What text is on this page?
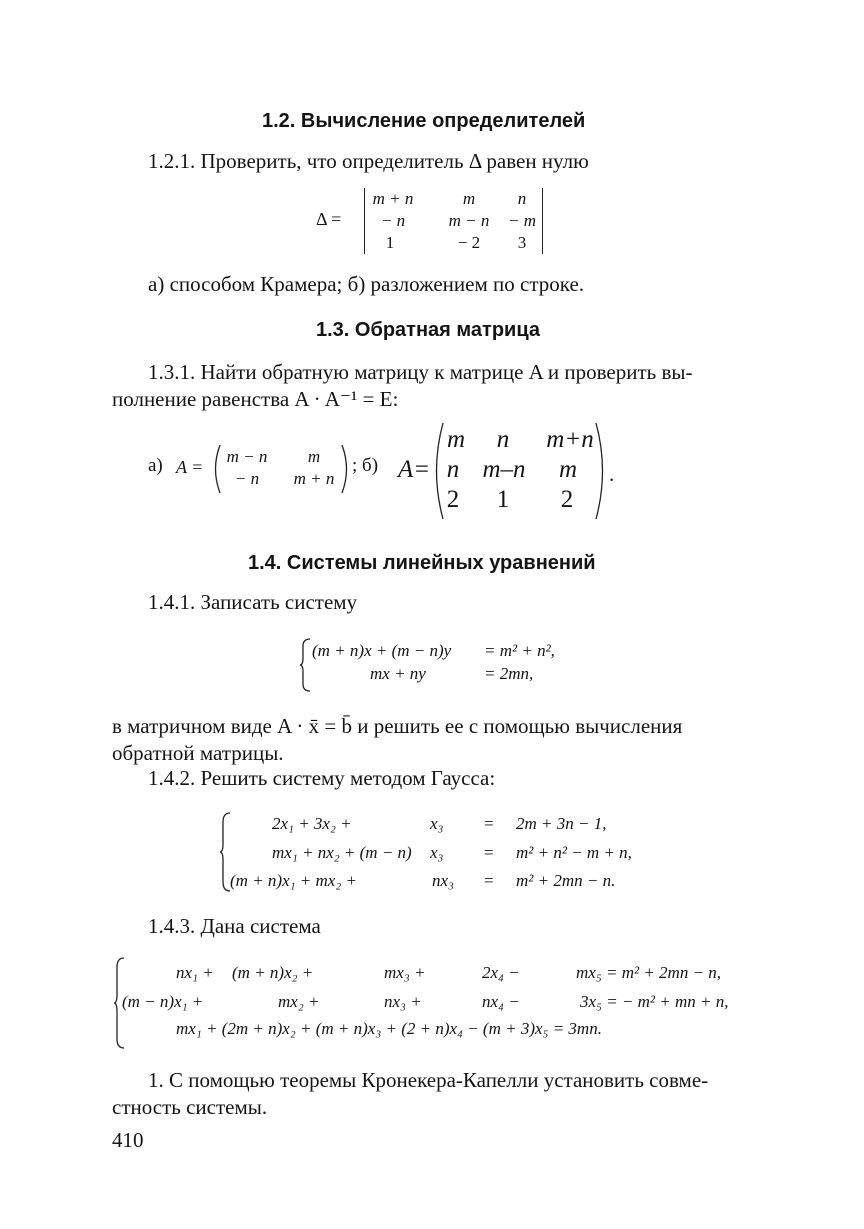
1.2. Вычисление определителей
1.2.1. Проверить, что определитель Δ равен нулю
Δ =
m + n	m	n
− n	m − n	− m
1	− 2	3
а) способом Крамера; б) разложением по строке.
1.3. Обратная матрица
1.3.1. Найти обратную матрицу к матрице A и проверить вы-
полнение равенства A · A⁻¹ = E:
а) A =
m − n	m
− n	m + n
; б) A=
m	n	m+n
n m–n	m
2	1	2
.
1.4. Системы линейных уравнений
1.4.1. Записать систему
(m + n)x + (m − n)y = m² + n²,
mx + ny	= 2mn,
в матричном виде A · x̄ = b̄ и решить ее с помощью вычисления
обратной матрицы.
1.4.2. Решить систему методом Гаусса:
2x₁ + 3x₂ +	x₃ = 2m + 3n − 1,
mx₁ + nx₂ + (m − n) x₃ = m² + n² − m + n,
(m + n)x₁ + mx₂ +	nx₃ = m² + 2mn − n.
1.4.3. Дана система
nx₁ + (m + n)x₂ +	mx₃ +	2x₄ −	mx₅ = m² + 2mn − n,
(m − n)x₁ +	mx₂ +	nx₃ +	nx₄ −	3x₅ = − m² + mn + n,
mx₁ + (2m + n)x₂ + (m + n)x₃ + (2 + n)x₄ − (m + 3)x₅ = 3mn.
1. С помощью теоремы Кронекера-Капелли установить совме-
стность системы.
410
